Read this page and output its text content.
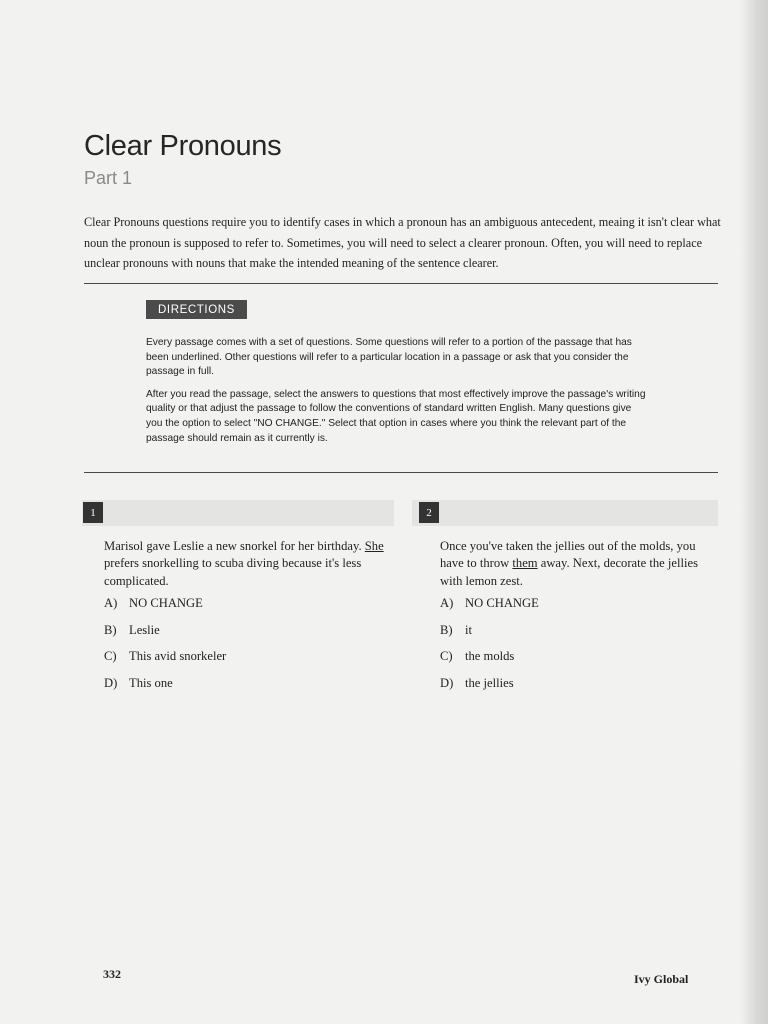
Clear Pronouns
Part 1
Clear Pronouns questions require you to identify cases in which a pronoun has an ambiguous antecedent, meaing it isn't clear what noun the pronoun is supposed to refer to. Sometimes, you will need to select a clearer pronoun. Often, you will need to replace unclear pronouns with nouns that make the intended meaning of the sentence clearer.
DIRECTIONS

Every passage comes with a set of questions. Some questions will refer to a portion of the passage that has been underlined. Other questions will refer to a particular location in a passage or ask that you consider the passage in full.

After you read the passage, select the answers to questions that most effectively improve the passage's writing quality or that adjust the passage to follow the conventions of standard written English. Many questions give you the option to select "NO CHANGE." Select that option in cases where you think the relevant part of the passage should remain as it currently is.

1
Marisol gave Leslie a new snorkel for her birthday. She prefers snorkelling to scuba diving because it's less complicated.
A) NO CHANGE
B) Leslie
C) This avid snorkeler
D) This one
2
Once you've taken the jellies out of the molds, you have to throw them away. Next, decorate the jellies with lemon zest.
A) NO CHANGE
B) it
C) the molds
D) the jellies
332	Ivy Global
